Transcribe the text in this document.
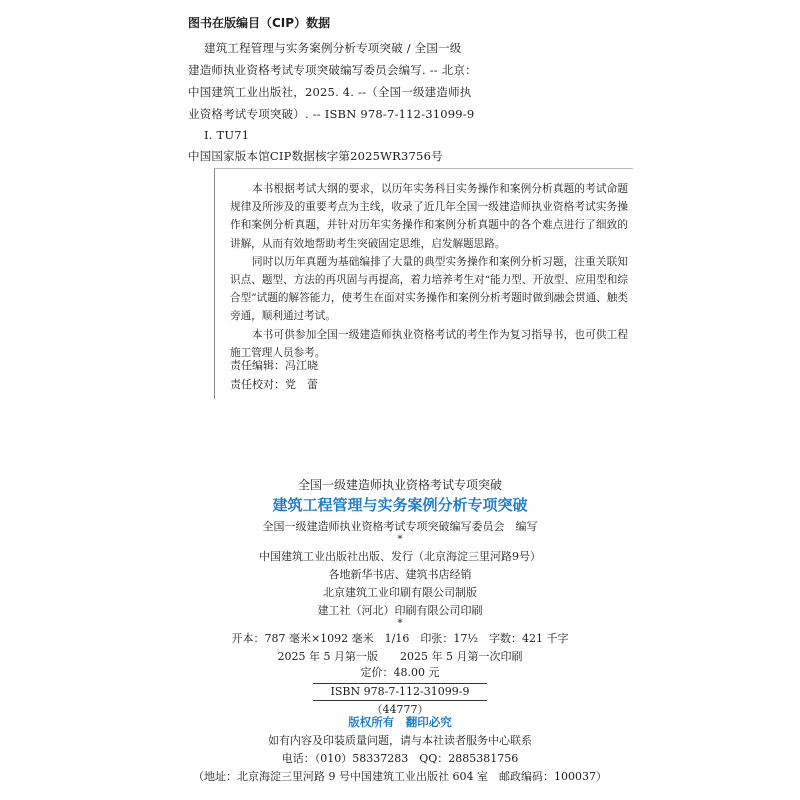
图书在版编目（CIP）数据
建筑工程管理与实务案例分析专项突破 / 全国一级
建造师执业资格考试专项突破编写委员会编写. -- 北京：
中国建筑工业出版社，2025. 4. --（全国一级建造师执
业资格考试专项突破）. -- ISBN 978-7-112-31099-9
Ⅰ. TU71
中国国家版本馆CIP数据核字第2025WR3756号

本书根据考试大纲的要求，以历年实务科目实务操作和案例分析真题的考试命题规律及所涉及的重要考点为主线，收录了近几年全国一级建造师执业资格考试实务操作和案例分析真题，并针对历年实务操作和案例分析真题中的各个难点进行了细致的讲解，从而有效地帮助考生突破固定思维，启发解题思路。

同时以历年真题为基础编排了大量的典型实务操作和案例分析习题，注重关联知识点、题型、方法的再巩固与再提高，着力培养考生对“能力型、开放型、应用型和综合型”试题的解答能力，使考生在面对实务操作和案例分析考题时做到融会贯通、触类旁通，顺利通过考试。

本书可供参加全国一级建造师执业资格考试的考生作为复习指导书，也可供工程施工管理人员参考。

责任编辑：冯江晓
责任校对：党　蕾
全国一级建造师执业资格考试专项突破
建筑工程管理与实务案例分析专项突破
全国一级建造师执业资格考试专项突破编写委员会　编写
*
中国建筑工业出版社出版、发行（北京海淀三里河路9号）
各地新华书店、建筑书店经销
北京建筑工业印刷有限公司制版
建工社（河北）印刷有限公司印刷
*
开本：787 毫米×1092 毫米　1/16　印张：17½　字数：421 千字
2025 年 5 月第一版　　2025 年 5 月第一次印刷
定价：48.00 元
ISBN 978-7-112-31099-9
（44777）
版权所有　翻印必究
如有内容及印装质量问题，请与本社读者服务中心联系
电话：（010）58337283　QQ：2885381756
（地址：北京海淀三里河路 9 号中国建筑工业出版社 604 室　邮政编码：100037）
